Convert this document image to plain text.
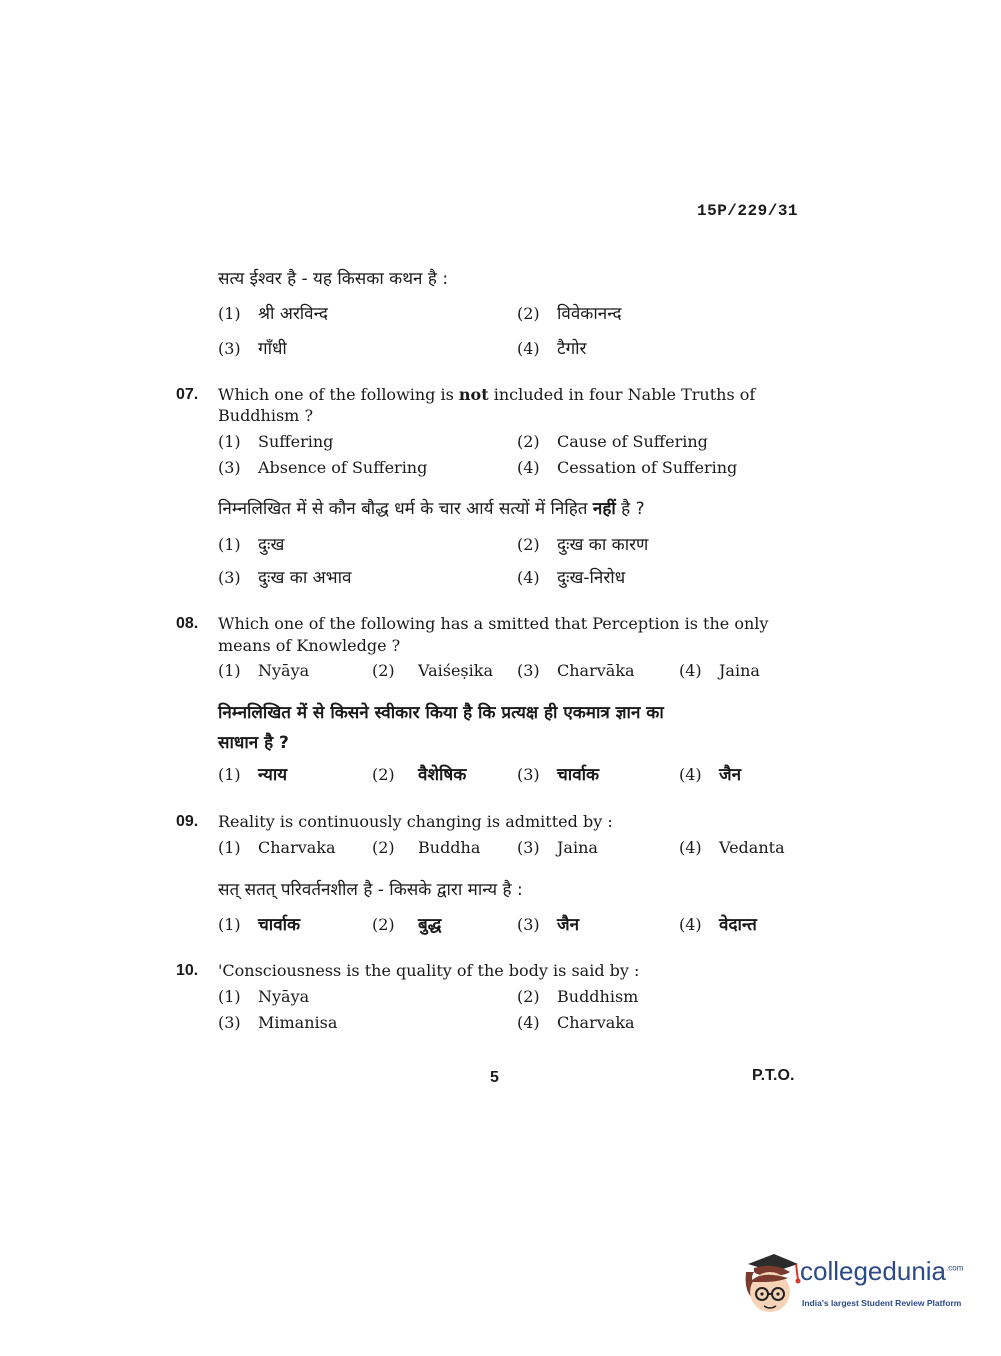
15P/229/31
सत्य ईश्वर है - यह किसका कथन है :
(1) श्री अरविन्द	(2) विवेकानन्द
(3) गाँधी	(4) टैगोर
07. Which one of the following is not included in four Nable Truths of
Buddhism ?
(1) Suffering	(2) Cause of Suffering
(3) Absence of Suffering	(4) Cessation of Suffering
निम्नलिखित में से कौन बौद्ध धर्म के चार आर्य सत्यों में निहित नहीं है ?
(1) दुःख	(2) दुःख का कारण
(3) दुःख का अभाव	(4) दुःख-निरोध
08. Which one of the following has a smitted that Perception is the only
means of Knowledge ?
(1) Nyāya	(2) Vaiśeṣika (3) Charvāka	(4) Jaina
निम्नलिखित में से किसने स्वीकार किया है कि प्रत्यक्ष ही एकमात्र ज्ञान का
साधान है ?
(1) न्याय	(2) वैशेषिक	(3) चार्वाक	(4) जैन
09. Reality is continuously changing is admitted by :
(1) Charvaka (2) Buddha (3) Jaina	(4) Vedanta
सत् सतत् परिवर्तनशील है - किसके द्वारा मान्य है :
(1) चार्वाक	(2) बुद्ध	(3) जैन	(4) वेदान्त
10. 'Consciousness is the quality of the body is said by :
(1) Nyāya	(2) Buddhism
(3) Mimanisa	(4) Charvaka
5	P.T.O.
collegedunia$^{.com}$
India's largest Student Review Platform
